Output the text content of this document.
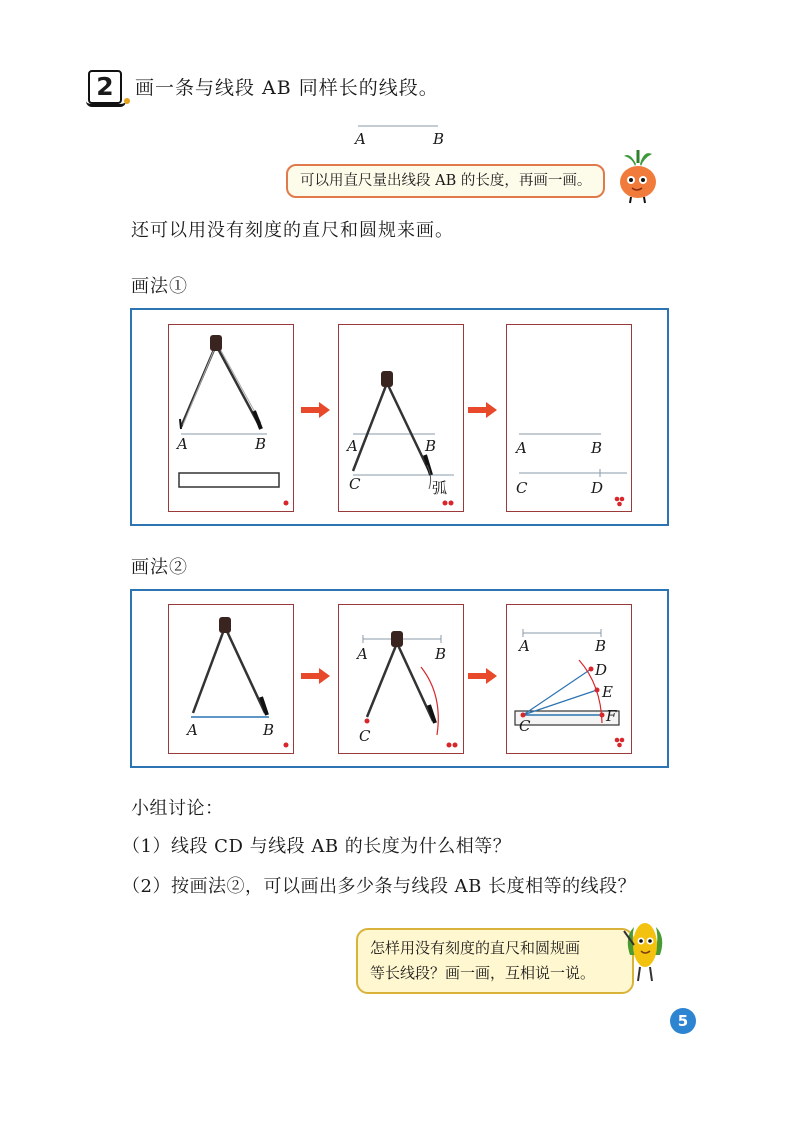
2	画一条与线段 AB 同样长的线段。
A	B
可以用直尺量出线段 AB 的长度，再画一画。
还可以用没有刻度的直尺和圆规来画。
画法①
A	B	A	B
C	弧
A	B
C	D
画法②
A	B
A	B
C
A	B
C
D
E
F
小组讨论：
（1）线段 CD 与线段 AB 的长度为什么相等？
（2）按画法②，可以画出多少条与线段 AB 长度相等的线段？
怎样用没有刻度的直尺和圆规画
等长线段？画一画，互相说一说。
5
